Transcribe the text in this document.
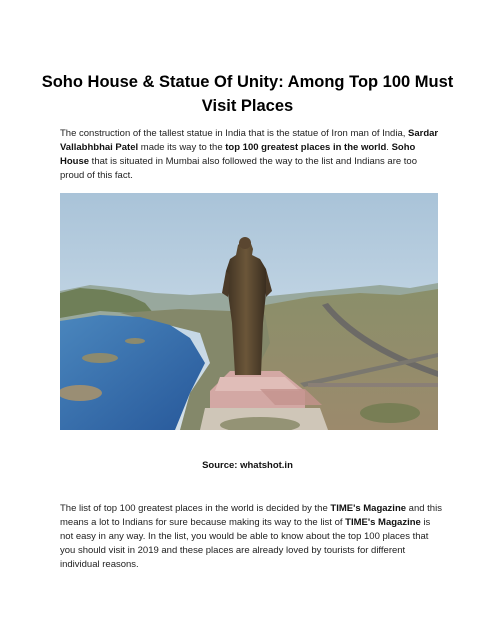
Soho House & Statue Of Unity: Among Top 100 Must Visit Places

The construction of the tallest statue in India that is the statue of Iron man of India, Sardar Vallabhbhai Patel made its way to the top 100 greatest places in the world. Soho House that is situated in Mumbai also followed the way to the list and Indians are too proud of this fact.

Source: whatshot.in

The list of top 100 greatest places in the world is decided by the TIME's Magazine and this means a lot to Indians for sure because making its way to the list of TIME's Magazine is not easy in any way. In the list, you would be able to know about the top 100 places that you should visit in 2019 and these places are already loved by tourists for different individual reasons.
